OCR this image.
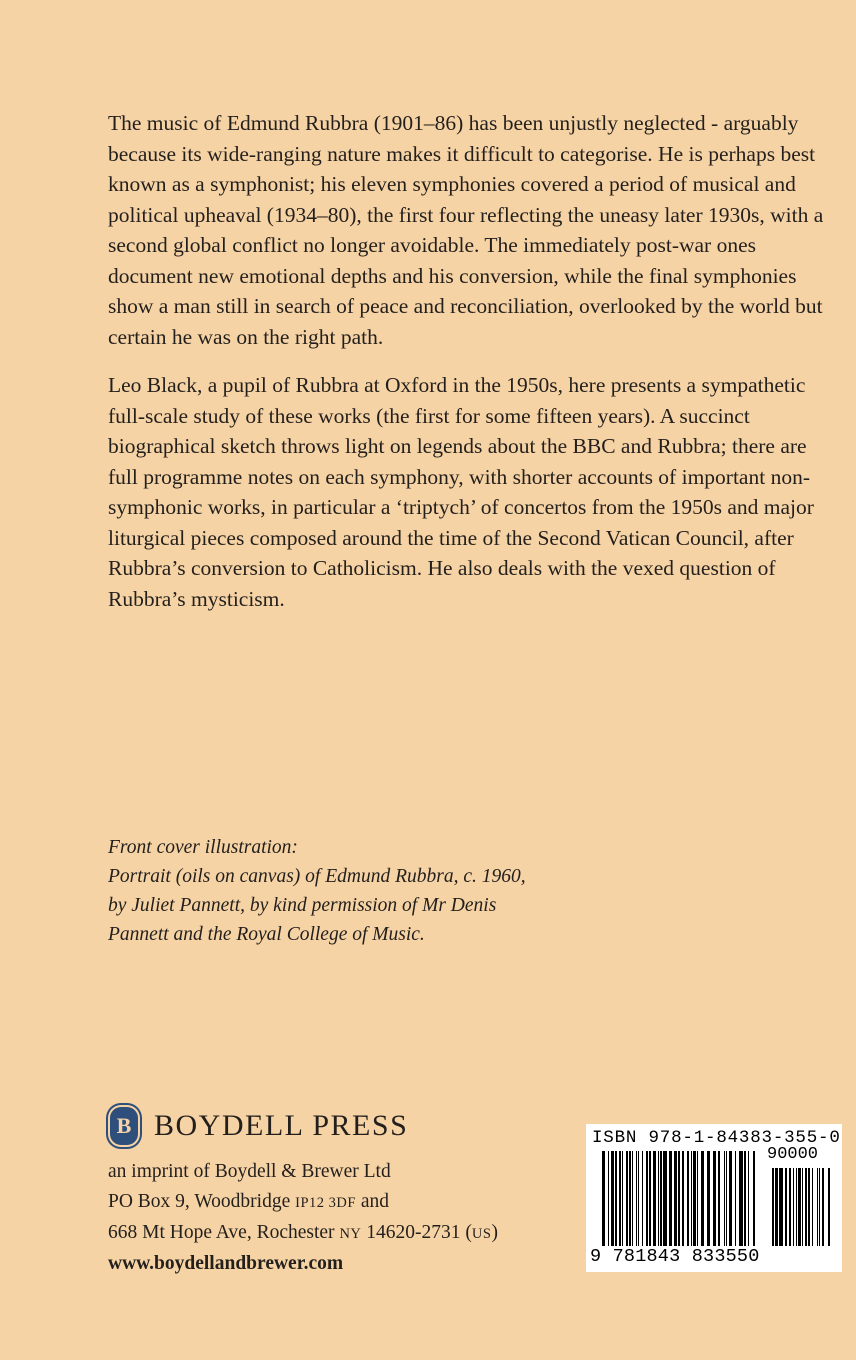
The music of Edmund Rubbra (1901–86) has been unjustly neglected - arguably because its wide-ranging nature makes it difficult to categorise. He is perhaps best known as a symphonist; his eleven symphonies covered a period of musical and political upheaval (1934–80), the first four reflecting the uneasy later 1930s, with a second global conflict no longer avoidable. The immediately post-war ones document new emotional depths and his conversion, while the final symphonies show a man still in search of peace and reconciliation, overlooked by the world but certain he was on the right path.

Leo Black, a pupil of Rubbra at Oxford in the 1950s, here presents a sympathetic full-scale study of these works (the first for some fifteen years). A succinct biographical sketch throws light on legends about the BBC and Rubbra; there are full programme notes on each symphony, with shorter accounts of important non-symphonic works, in particular a ‘triptych’ of concertos from the 1950s and major liturgical pieces composed around the time of the Second Vatican Council, after Rubbra’s conversion to Catholicism. He also deals with the vexed question of Rubbra’s mysticism.

Front cover illustration:
Portrait (oils on canvas) of Edmund Rubbra, c. 1960,
by Juliet Pannett, by kind permission of Mr Denis
Pannett and the Royal College of Music.
B BOYDELL PRESS
an imprint of Boydell & Brewer Ltd
PO Box 9, Woodbridge IP12 3DF and
668 Mt Hope Ave, Rochester NY 14620-2731 (US)
www.boydellandbrewer.com
ISBN 978-1-84383-355-0
90000
9 781843 833550
